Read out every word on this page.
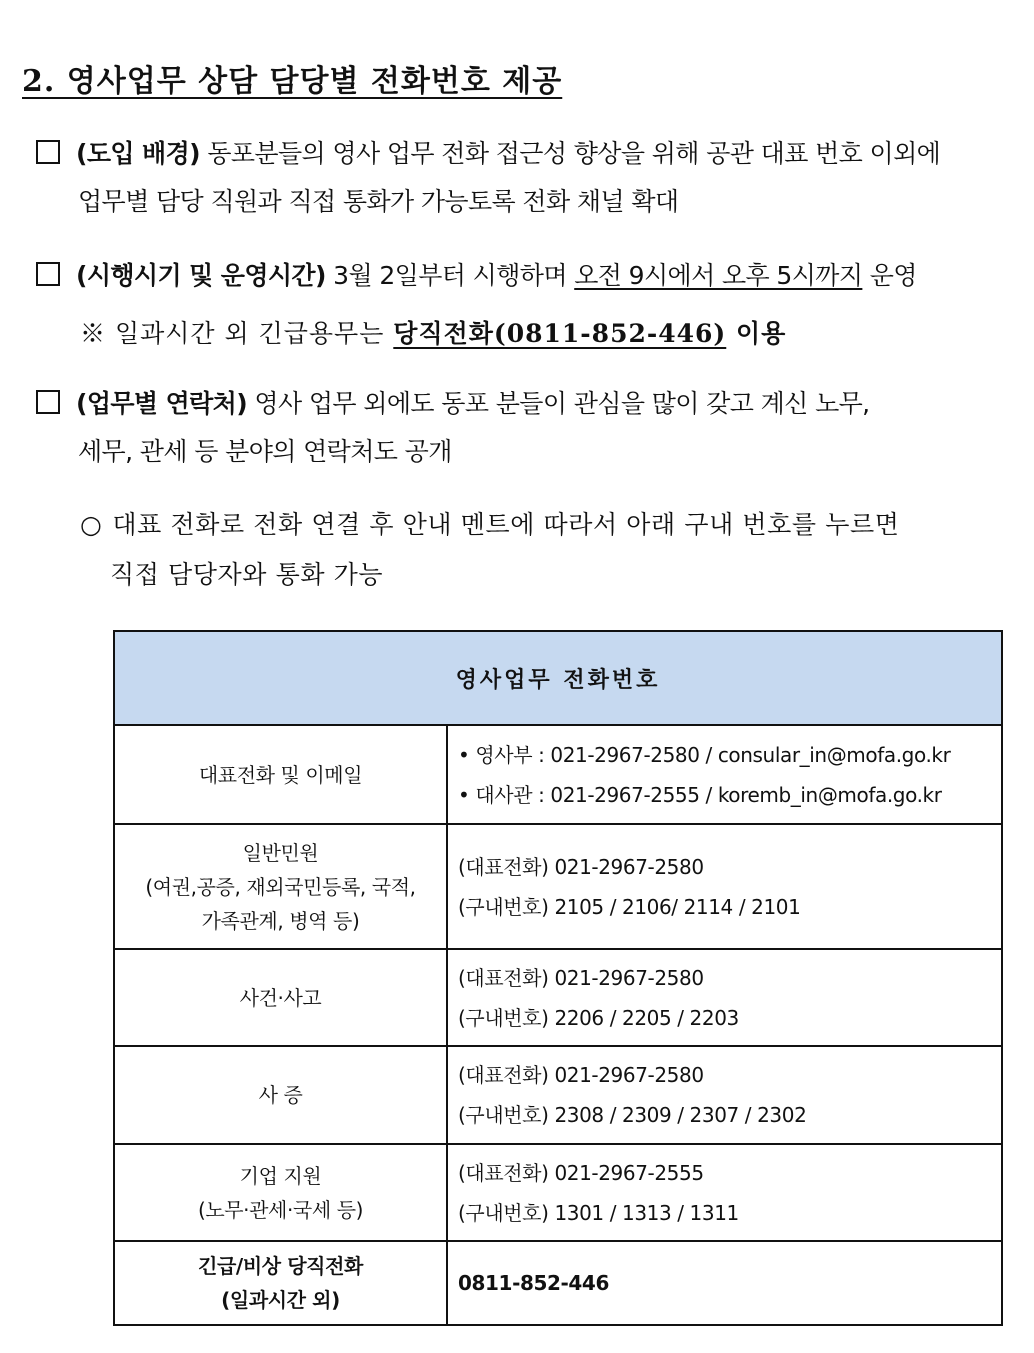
2. 영사업무 상담 담당별 전화번호 제공
(도입 배경) 동포분들의 영사 업무 전화 접근성 향상을 위해 공관 대표 번호 이외에
업무별 담당 직원과 직접 통화가 가능토록 전화 채널 확대
(시행시기 및 운영시간) 3월 2일부터 시행하며 오전 9시에서 오후 5시까지 운영
※ 일과시간 외 긴급용무는 당직전화(0811-852-446) 이용
(업무별 연락처) 영사 업무 외에도 동포 분들이 관심을 많이 갖고 계신 노무,
세무, 관세 등 분야의 연락처도 공개
○ 대표 전화로 전화 연결 후 안내 멘트에 따라서 아래 구내 번호를 누르면
직접 담당자와 통화 가능
영사업무 전화번호	

대표전화 및 이메일	• 영사부 : 021-2967-2580 / consular_in@mofa.go.kr
• 대사관 : 021-2967-2555 / koremb_in@mofa.go.kr

일반민원
(여권,공증, 재외국민등록, 국적,
가족관계, 병역 등)	(대표전화) 021-2967-2580
(구내번호) 2105 / 2106/ 2114 / 2101

사건·사고	(대표전화) 021-2967-2580
(구내번호) 2206 / 2205 / 2203

사 증	(대표전화) 021-2967-2580
(구내번호) 2308 / 2309 / 2307 / 2302

기업 지원
(노무·관세·국세 등)	(대표전화) 021-2967-2555
(구내번호) 1301 / 1313 / 1311

긴급/비상 당직전화
(일과시간 외)	0811-852-446
